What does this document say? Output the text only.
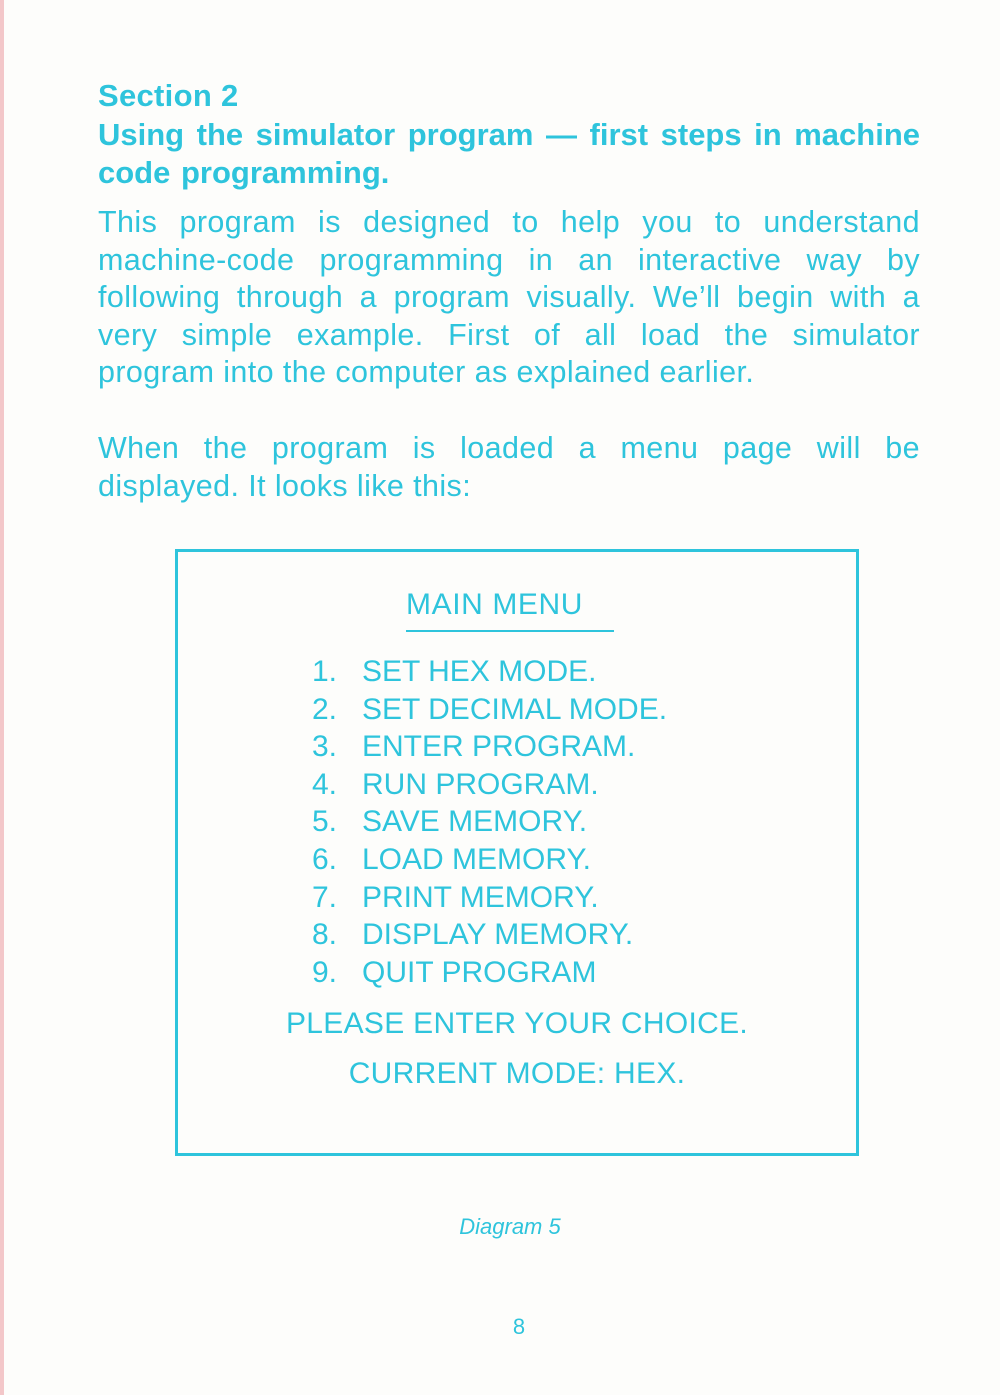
Section 2
Using the simulator program — first steps in machine code programming.

This program is designed to help you to understand machine-code programming in an interactive way by following through a program visually. We’ll begin with a very simple example. First of all load the simulator program into the computer as explained earlier.

When the program is loaded a menu page will be displayed. It looks like this:

MAIN MENU
1. SET HEX MODE.
2. SET DECIMAL MODE.
3. ENTER PROGRAM.
4. RUN PROGRAM.
5. SAVE MEMORY.
6. LOAD MEMORY.
7. PRINT MEMORY.
8. DISPLAY MEMORY.
9. QUIT PROGRAM
PLEASE ENTER YOUR CHOICE.
CURRENT MODE: HEX.
Diagram 5
8
